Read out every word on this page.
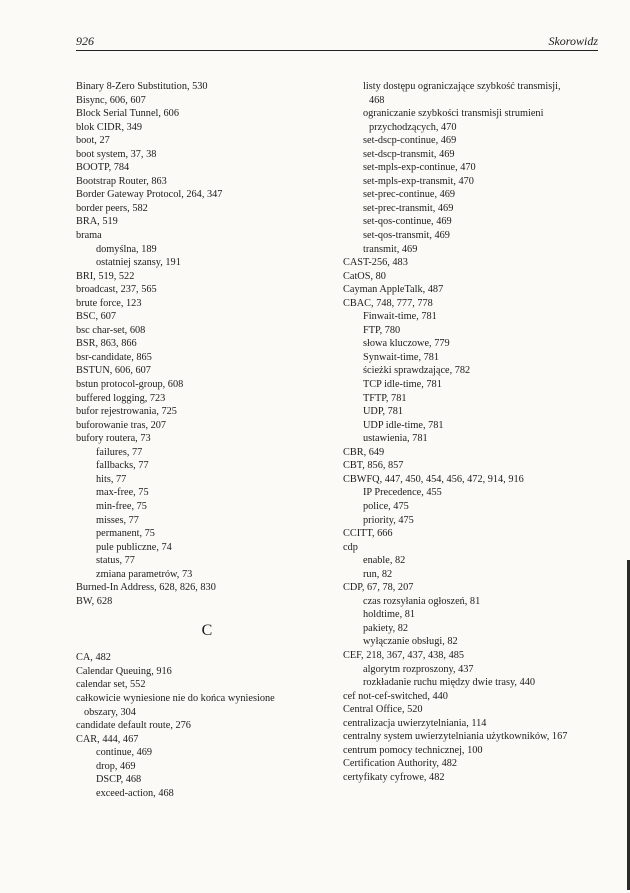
926	Skorowidz
Binary 8-Zero Substitution, 530
Bisync, 606, 607
Block Serial Tunnel, 606
blok CIDR, 349
boot, 27
boot system, 37, 38
BOOTP, 784
Bootstrap Router, 863
Border Gateway Protocol, 264, 347
border peers, 582
BRA, 519
brama
domyślna, 189
ostatniej szansy, 191
BRI, 519, 522
broadcast, 237, 565
brute force, 123
BSC, 607
bsc char-set, 608
BSR, 863, 866
bsr-candidate, 865
BSTUN, 606, 607
bstun protocol-group, 608
buffered logging, 723
bufor rejestrowania, 725
buforowanie tras, 207
bufory routera, 73
failures, 77
fallbacks, 77
hits, 77
max-free, 75
min-free, 75
misses, 77
permanent, 75
pule publiczne, 74
status, 77
zmiana parametrów, 73
Burned-In Address, 628, 826, 830
BW, 628
C
CA, 482
Calendar Queuing, 916
calendar set, 552
całkowicie wyniesione nie do końca wyniesione
obszary, 304
candidate default route, 276
CAR, 444, 467
continue, 469
drop, 469
DSCP, 468
exceed-action, 468
listy dostępu ograniczające szybkość transmisji,
468
ograniczanie szybkości transmisji strumieni
przychodzących, 470
set-dscp-continue, 469
set-dscp-transmit, 469
set-mpls-exp-continue, 470
set-mpls-exp-transmit, 470
set-prec-continue, 469
set-prec-transmit, 469
set-qos-continue, 469
set-qos-transmit, 469
transmit, 469
CAST-256, 483
CatOS, 80
Cayman AppleTalk, 487
CBAC, 748, 777, 778
Finwait-time, 781
FTP, 780
słowa kluczowe, 779
Synwait-time, 781
ścieżki sprawdzające, 782
TCP idle-time, 781
TFTP, 781
UDP, 781
UDP idle-time, 781
ustawienia, 781
CBR, 649
CBT, 856, 857
CBWFQ, 447, 450, 454, 456, 472, 914, 916
IP Precedence, 455
police, 475
priority, 475
CCITT, 666
cdp
enable, 82
run, 82
CDP, 67, 78, 207
czas rozsyłania ogłoszeń, 81
holdtime, 81
pakiety, 82
wyłączanie obsługi, 82
CEF, 218, 367, 437, 438, 485
algorytm rozproszony, 437
rozkładanie ruchu między dwie trasy, 440
cef not-cef-switched, 440
Central Office, 520
centralizacja uwierzytelniania, 114
centralny system uwierzytelniania użytkowników, 167
centrum pomocy technicznej, 100
Certification Authority, 482
certyfikaty cyfrowe, 482
